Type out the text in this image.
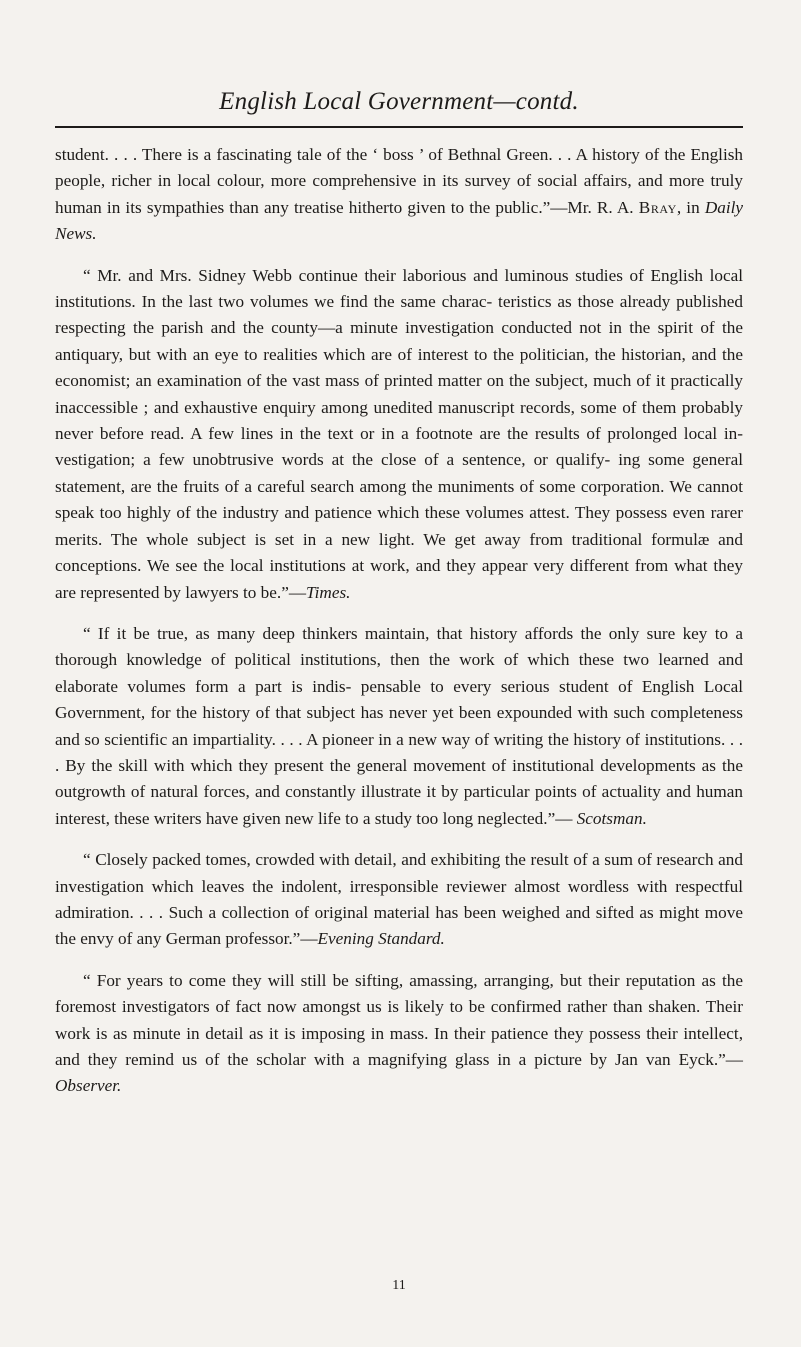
English Local Government—contd.

student. . . . There is a fascinating tale of the ‘ boss ’ of Bethnal Green. . . A history of the English people, richer in local colour, more comprehensive in its survey of social affairs, and more truly human in its sympathies than any treatise hitherto given to the public.”—Mr. R. A. Bray, in Daily News.

“ Mr. and Mrs. Sidney Webb continue their laborious and luminous studies of English local institutions. In the last two volumes we find the same charac- teristics as those already published respecting the parish and the county—a minute investigation conducted not in the spirit of the antiquary, but with an eye to realities which are of interest to the politician, the historian, and the economist; an examination of the vast mass of printed matter on the subject, much of it practically inaccessible ; and exhaustive enquiry among unedited manuscript records, some of them probably never before read. A few lines in the text or in a footnote are the results of prolonged local in- vestigation; a few unobtrusive words at the close of a sentence, or qualify- ing some general statement, are the fruits of a careful search among the muniments of some corporation. We cannot speak too highly of the industry and patience which these volumes attest. They possess even rarer merits. The whole subject is set in a new light. We get away from traditional formulæ and conceptions. We see the local institutions at work, and they appear very different from what they are represented by lawyers to be.”—Times.

“ If it be true, as many deep thinkers maintain, that history affords the only sure key to a thorough knowledge of political institutions, then the work of which these two learned and elaborate volumes form a part is indis- pensable to every serious student of English Local Government, for the history of that subject has never yet been expounded with such completeness and so scientific an impartiality. . . . A pioneer in a new way of writing the history of institutions. . . . By the skill with which they present the general movement of institutional developments as the outgrowth of natural forces, and constantly illustrate it by particular points of actuality and human interest, these writers have given new life to a study too long neglected.”— Scotsman.

“ Closely packed tomes, crowded with detail, and exhibiting the result of a sum of research and investigation which leaves the indolent, irresponsible reviewer almost wordless with respectful admiration. . . . Such a collection of original material has been weighed and sifted as might move the envy of any German professor.”—Evening Standard.

“ For years to come they will still be sifting, amassing, arranging, but their reputation as the foremost investigators of fact now amongst us is likely to be confirmed rather than shaken. Their work is as minute in detail as it is imposing in mass. In their patience they possess their intellect, and they remind us of the scholar with a magnifying glass in a picture by Jan van Eyck.”—Observer.

11
